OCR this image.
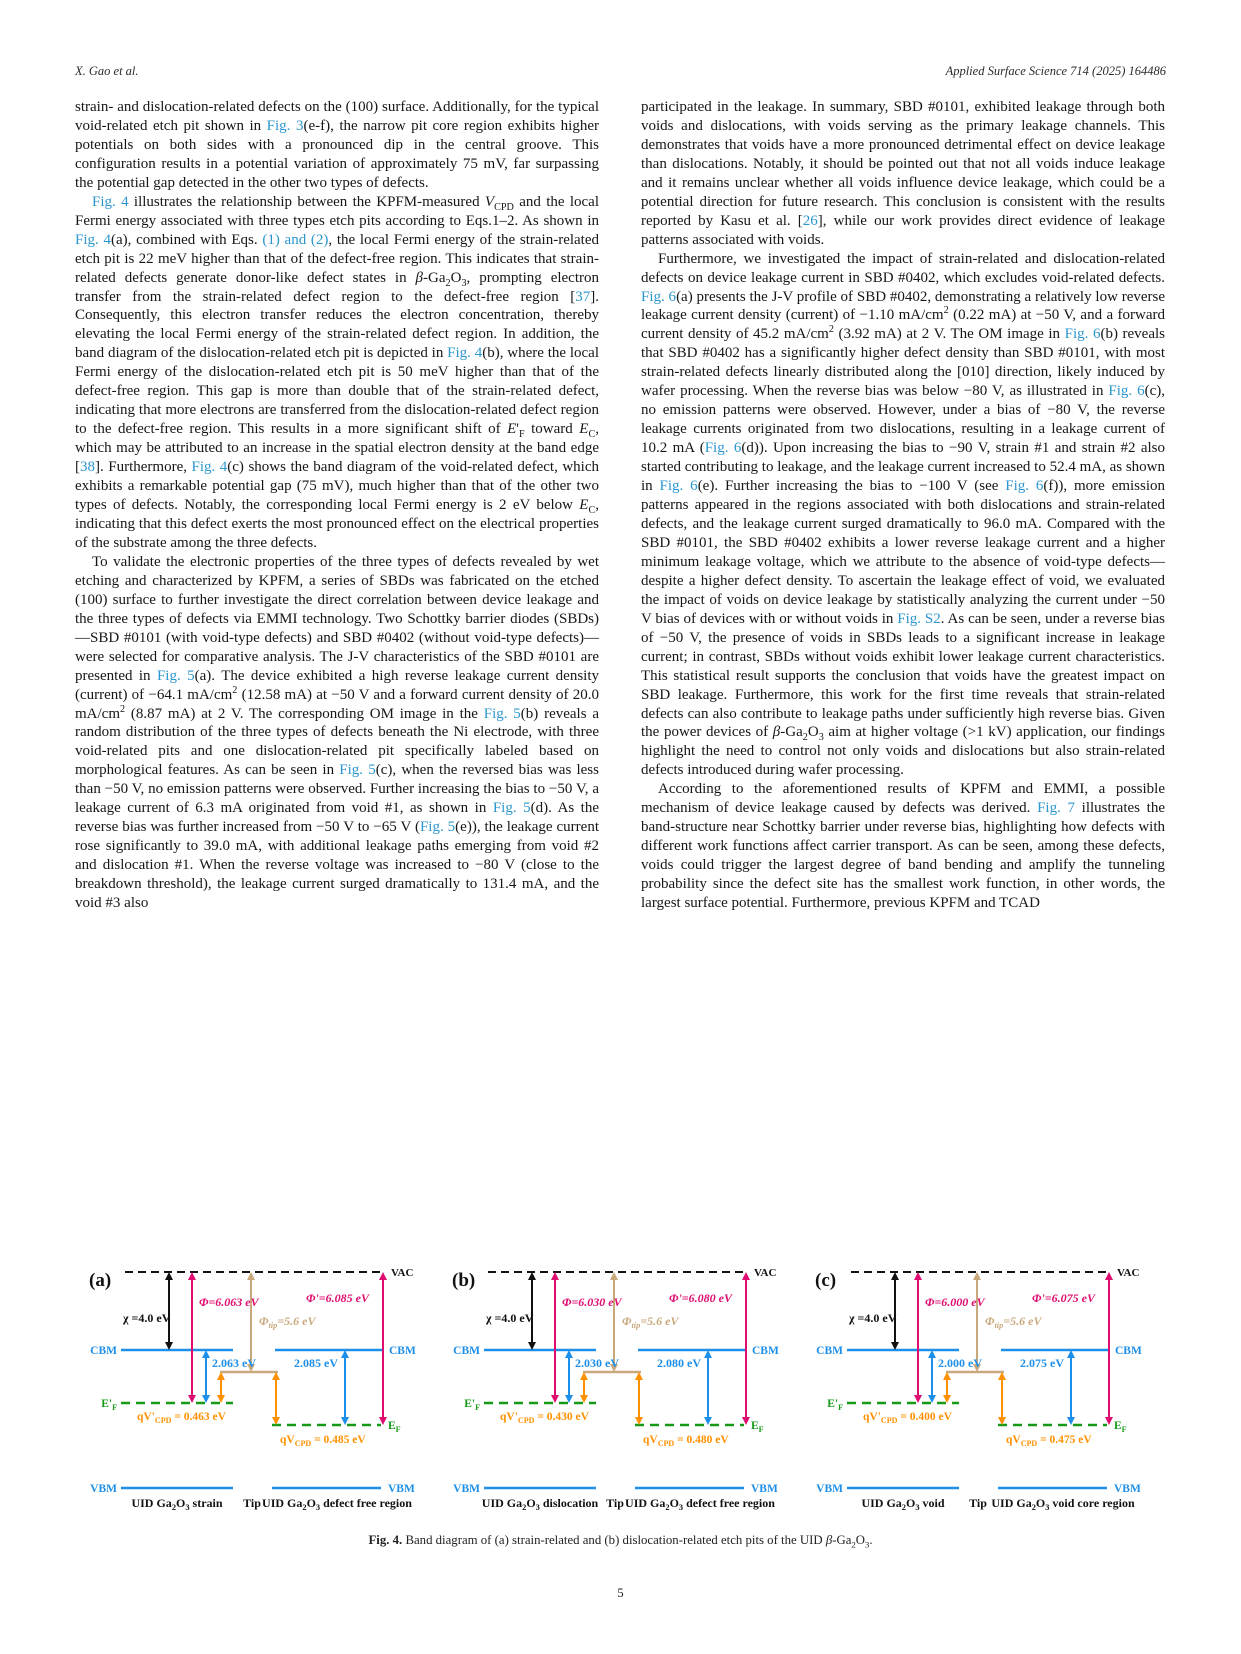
X. Gao et al.	Applied Surface Science 714 (2025) 164486

strain- and dislocation-related defects on the (100) surface. Additionally, for the typical void-related etch pit shown in Fig. 3(e-f), the narrow pit core region exhibits higher potentials on both sides with a pronounced dip in the central groove. This configuration results in a potential variation of approximately 75 mV, far surpassing the potential gap detected in the other two types of defects.

Fig. 4 illustrates the relationship between the KPFM-measured $V_{CPD}$ and the local Fermi energy associated with three types etch pits according to Eqs.1–2. As shown in Fig. 4(a), combined with Eqs. (1) and (2), the local Fermi energy of the strain-related etch pit is 22 meV higher than that of the defect-free region. This indicates that strain-related defects generate donor-like defect states in $\beta-Ga_2O_3$, prompting electron transfer from the strain-related defect region to the defect-free region [37]. Consequently, this electron transfer reduces the electron concentration, thereby elevating the local Fermi energy of the strain-related defect region. In addition, the band diagram of the dislocation-related etch pit is depicted in Fig. 4(b), where the local Fermi energy of the dislocation-related etch pit is 50 meV higher than that of the defect-free region. This gap is more than double that of the strain-related defect, indicating that more electrons are transferred from the dislocation-related defect region to the defect-free region. This results in a more significant shift of $E'_F$ toward $E_C$, which may be attributed to an increase in the spatial electron density at the band edge [38]. Furthermore, Fig. 4(c) shows the band diagram of the void-related defect, which exhibits a remarkable potential gap (75 mV), much higher than that of the other two types of defects. Notably, the corresponding local Fermi energy is 2 eV below $E_C$, indicating that this defect exerts the most pronounced effect on the electrical properties of the substrate among the three defects.

To validate the electronic properties of the three types of defects revealed by wet etching and characterized by KPFM, a series of SBDs was fabricated on the etched (100) surface to further investigate the direct correlation between device leakage and the three types of defects via EMMI technology. Two Schottky barrier diodes (SBDs)—SBD #0101 (with void-type defects) and SBD #0402 (without void-type defects)—were selected for comparative analysis. The J-V characteristics of the SBD #0101 are presented in Fig. 5(a). The device exhibited a high reverse leakage current density (current) of −64.1 $mA/cm^2$ (12.58 mA) at −50 V and a forward current density of 20.0 $mA/cm^2$ (8.87 mA) at 2 V. The corresponding OM image in the Fig. 5(b) reveals a random distribution of the three types of defects beneath the Ni electrode, with three void-related pits and one dislocation-related pit specifically labeled based on morphological features. As can be seen in Fig. 5(c), when the reversed bias was less than −50 V, no emission patterns were observed. Further increasing the bias to −50 V, a leakage current of 6.3 mA originated from void #1, as shown in Fig. 5(d). As the reverse bias was further increased from −50 V to −65 V (Fig. 5(e)), the leakage current rose significantly to 39.0 mA, with additional leakage paths emerging from void #2 and dislocation #1. When the reverse voltage was increased to −80 V (close to the breakdown threshold), the leakage current surged dramatically to 131.4 mA, and the void #3 also

participated in the leakage. In summary, SBD #0101, exhibited leakage through both voids and dislocations, with voids serving as the primary leakage channels. This demonstrates that voids have a more pronounced detrimental effect on device leakage than dislocations. Notably, it should be pointed out that not all voids induce leakage and it remains unclear whether all voids influence device leakage, which could be a potential direction for future research. This conclusion is consistent with the results reported by Kasu et al. [26], while our work provides direct evidence of leakage patterns associated with voids.

Furthermore, we investigated the impact of strain-related and dislocation-related defects on device leakage current in SBD #0402, which excludes void-related defects. Fig. 6(a) presents the J-V profile of SBD #0402, demonstrating a relatively low reverse leakage current density (current) of −1.10 $mA/cm^2$ (0.22 mA) at −50 V, and a forward current density of 45.2 $mA/cm^2$ (3.92 mA) at 2 V. The OM image in Fig. 6(b) reveals that SBD #0402 has a significantly higher defect density than SBD #0101, with most strain-related defects linearly distributed along the [010] direction, likely induced by wafer processing. When the reverse bias was below −80 V, as illustrated in Fig. 6(c), no emission patterns were observed. However, under a bias of −80 V, the reverse leakage currents originated from two dislocations, resulting in a leakage current of 10.2 mA (Fig. 6(d)). Upon increasing the bias to −90 V, strain #1 and strain #2 also started contributing to leakage, and the leakage current increased to 52.4 mA, as shown in Fig. 6(e). Further increasing the bias to −100 V (see Fig. 6(f)), more emission patterns appeared in the regions associated with both dislocations and strain-related defects, and the leakage current surged dramatically to 96.0 mA. Compared with the SBD #0101, the SBD #0402 exhibits a lower reverse leakage current and a higher minimum leakage voltage, which we attribute to the absence of void-type defects—despite a higher defect density. To ascertain the leakage effect of void, we evaluated the impact of voids on device leakage by statistically analyzing the current under −50 V bias of devices with or without voids in Fig. S2. As can be seen, under a reverse bias of −50 V, the presence of voids in SBDs leads to a significant increase in leakage current; in contrast, SBDs without voids exhibit lower leakage current characteristics. This statistical result supports the conclusion that voids have the greatest impact on SBD leakage. Furthermore, this work for the first time reveals that strain-related defects can also contribute to leakage paths under sufficiently high reverse bias. Given the power devices of $\beta-Ga_2O_3$ aim at higher voltage (>1 kV) application, our findings highlight the need to control not only voids and dislocations but also strain-related defects introduced during wafer processing.

According to the aforementioned results of KPFM and EMMI, a possible mechanism of device leakage caused by defects was derived. Fig. 7 illustrates the band-structure near Schottky barrier under reverse bias, highlighting how defects with different work functions affect carrier transport. As can be seen, among these defects, voids could trigger the largest degree of band bending and amplify the tunneling probability since the defect site has the smallest work function, in other words, the largest surface potential. Furthermore, previous KPFM and TCAD

VAC
(a)
CBM	CBM
$E'_F$
$E_F$
VBM	VBM
χ =4.0 eV
Φ=6.063 eV
$\Phi_{tip}=5.6$ eV
Φ'=6.085 eV
2.063 eV	2.085 eV
$qV'_{CPD} = 0.463$ eV
$qV_{CPD} = 0.485$ eV
UID $Ga_2O_3$ strain Tip UID $Ga_2O_3$ defect free region
VAC
(b)
CBM	CBM
$E'_F$
$E_F$
VBM	VBM
χ =4.0 eV
Φ=6.030 eV
$\Phi_{tip}=5.6$ eV
Φ'=6.080 eV
2.030 eV	2.080 eV
$qV'_{CPD} = 0.430$ eV
$qV_{CPD} = 0.480$ eV
UID $Ga_2O_3$ dislocation Tip UID $Ga_2O_3$ defect free region
VAC
(c)
CBM	CBM
$E'_F$
$E_F$
VBM	VBM
χ =4.0 eV
Φ=6.000 eV
$\Phi_{tip}=5.6$ eV
Φ'=6.075 eV
2.000 eV	2.075 eV
$qV'_{CPD} = 0.400$ eV
$qV_{CPD} = 0.475$ eV
UID $Ga_2O_3$ void Tip UID $Ga_2O_3$ void core region
Fig. 4. Band diagram of (a) strain-related and (b) dislocation-related etch pits of the UID $\beta-Ga_2O_3$.
5
